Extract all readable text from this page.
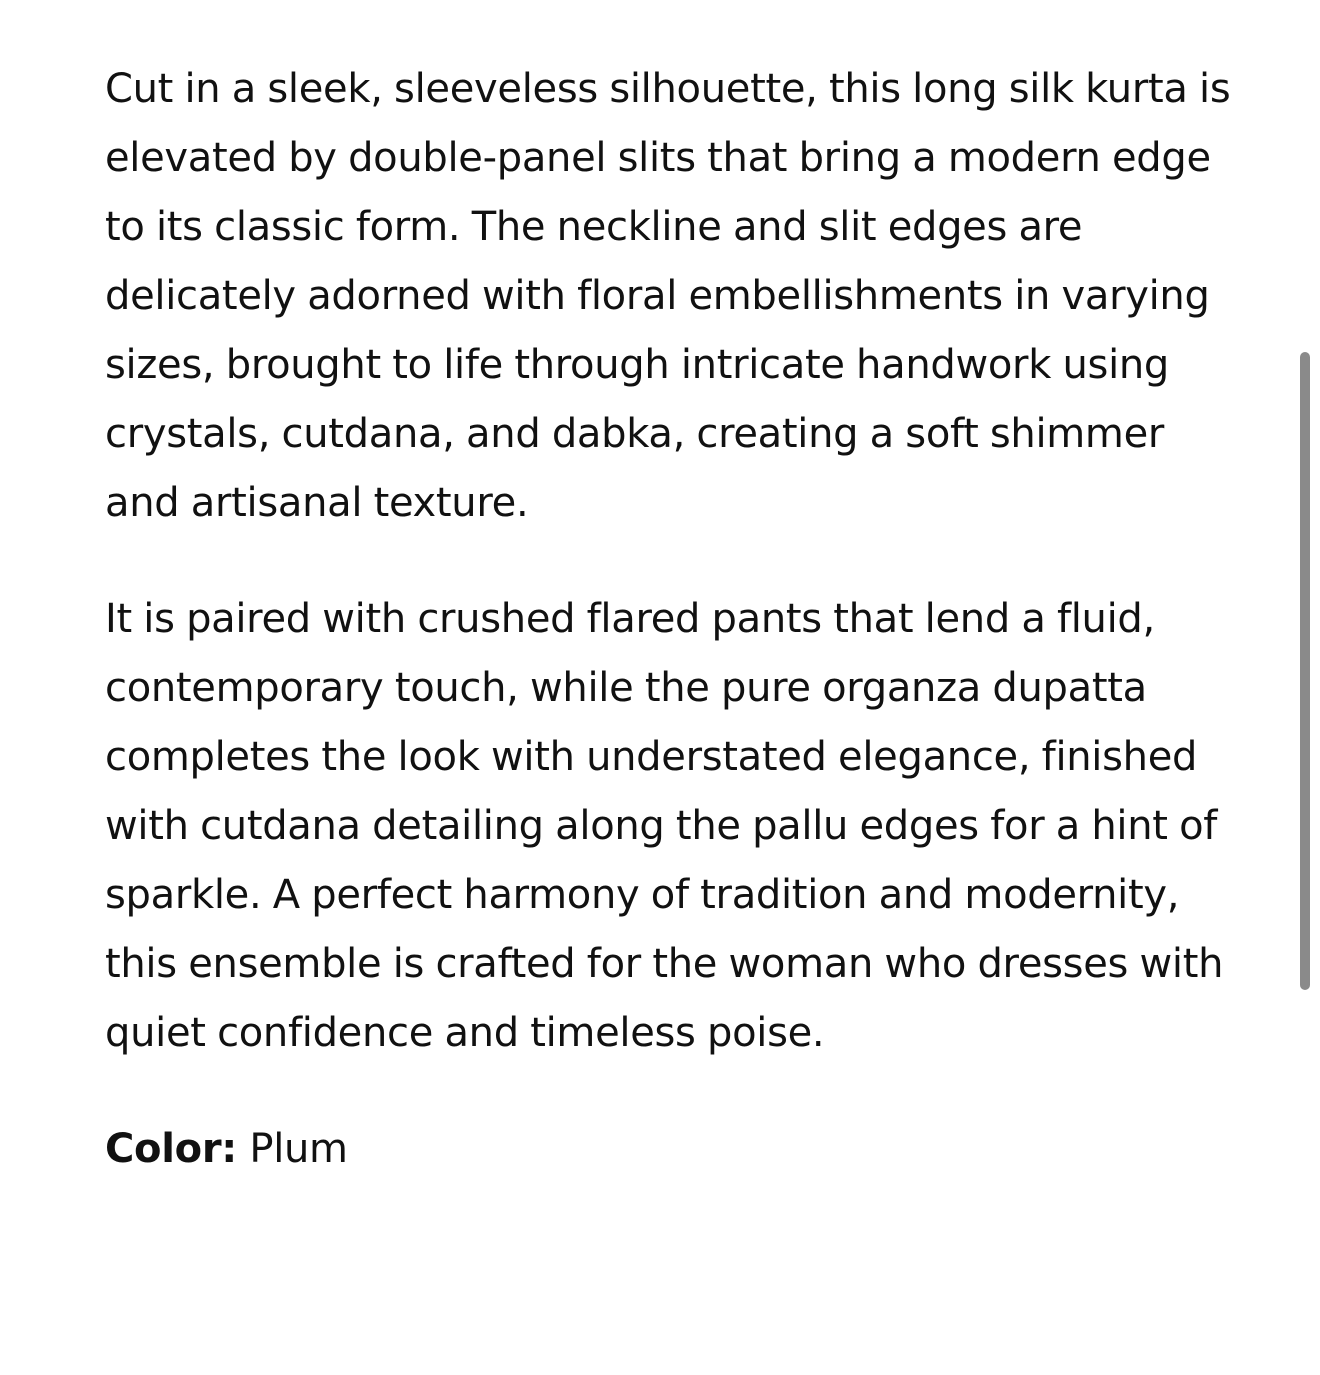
Cut in a sleek, sleeveless silhouette, this long silk kurta is elevated by double-panel slits that bring a modern edge to its classic form. The neckline and slit edges are delicately adorned with floral embellishments in varying sizes, brought to life through intricate handwork using crystals, cutdana, and dabka, creating a soft shimmer and artisanal texture.

It is paired with crushed flared pants that lend a fluid, contemporary touch, while the pure organza dupatta completes the look with understated elegance, finished with cutdana detailing along the pallu edges for a hint of sparkle. A perfect harmony of tradition and modernity, this ensemble is crafted for the woman who dresses with quiet confidence and timeless poise.

Color: Plum
